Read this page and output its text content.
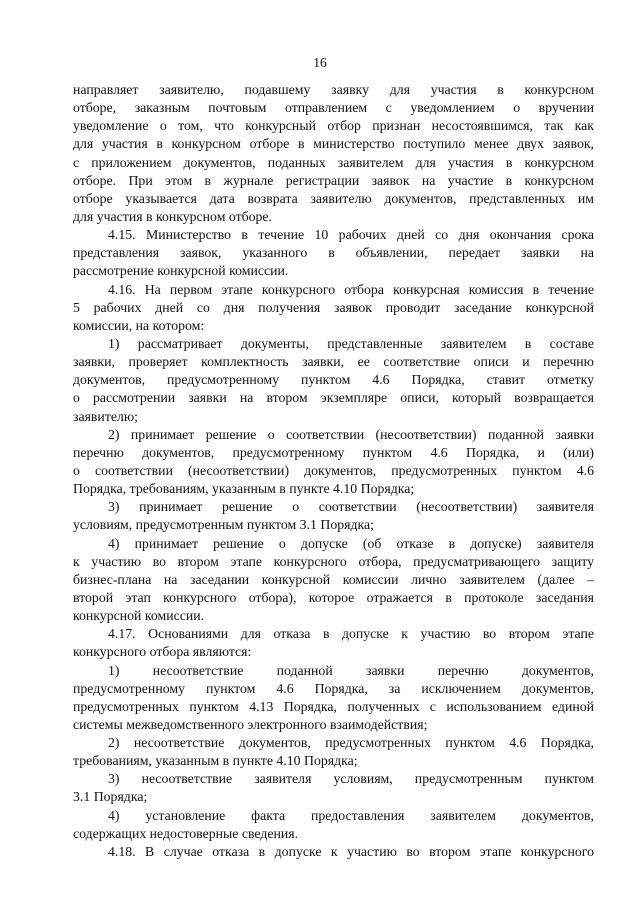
16
направляет заявителю, подавшему заявку для участия в конкурсном
отборе, заказным почтовым отправлением с уведомлением о вручении
уведомление о том, что конкурсный отбор признан несостоявшимся, так как
для участия в конкурсном отборе в министерство поступило менее двух заявок,
с приложением документов, поданных заявителем для участия в конкурсном
отборе. При этом в журнале регистрации заявок на участие в конкурсном
отборе указывается дата возврата заявителю документов, представленных им
для участия в конкурсном отборе.
4.15. Министерство в течение 10 рабочих дней со дня окончания срока
представления заявок, указанного в объявлении, передает заявки на
рассмотрение конкурсной комиссии.
4.16. На первом этапе конкурсного отбора конкурсная комиссия в течение
5 рабочих дней со дня получения заявок проводит заседание конкурсной
комиссии, на котором:
1) рассматривает документы, представленные заявителем в составе
заявки, проверяет комплектность заявки, ее соответствие описи и перечню
документов, предусмотренному пунктом 4.6 Порядка, ставит отметку
о рассмотрении заявки на втором экземпляре описи, который возвращается
заявителю;
2) принимает решение о соответствии (несоответствии) поданной заявки
перечню документов, предусмотренному пунктом 4.6 Порядка, и (или)
о соответствии (несоответствии) документов, предусмотренных пунктом 4.6
Порядка, требованиям, указанным в пункте 4.10 Порядка;
3) принимает решение о соответствии (несоответствии) заявителя
условиям, предусмотренным пунктом 3.1 Порядка;
4) принимает решение о допуске (об отказе в допуске) заявителя
к участию во втором этапе конкурсного отбора, предусматривающего защиту
бизнес-плана на заседании конкурсной комиссии лично заявителем (далее –
второй этап конкурсного отбора), которое отражается в протоколе заседания
конкурсной комиссии.
4.17. Основаниями для отказа в допуске к участию во втором этапе
конкурсного отбора являются:
1) несоответствие поданной заявки перечню документов,
предусмотренному пунктом 4.6 Порядка, за исключением документов,
предусмотренных пунктом 4.13 Порядка, полученных с использованием единой
системы межведомственного электронного взаимодействия;
2) несоответствие документов, предусмотренных пунктом 4.6 Порядка,
требованиям, указанным в пункте 4.10 Порядка;
3) несоответствие заявителя условиям, предусмотренным пунктом
3.1 Порядка;
4) установление факта предоставления заявителем документов,
содержащих недостоверные сведения.
4.18. В случае отказа в допуске к участию во втором этапе конкурсного
